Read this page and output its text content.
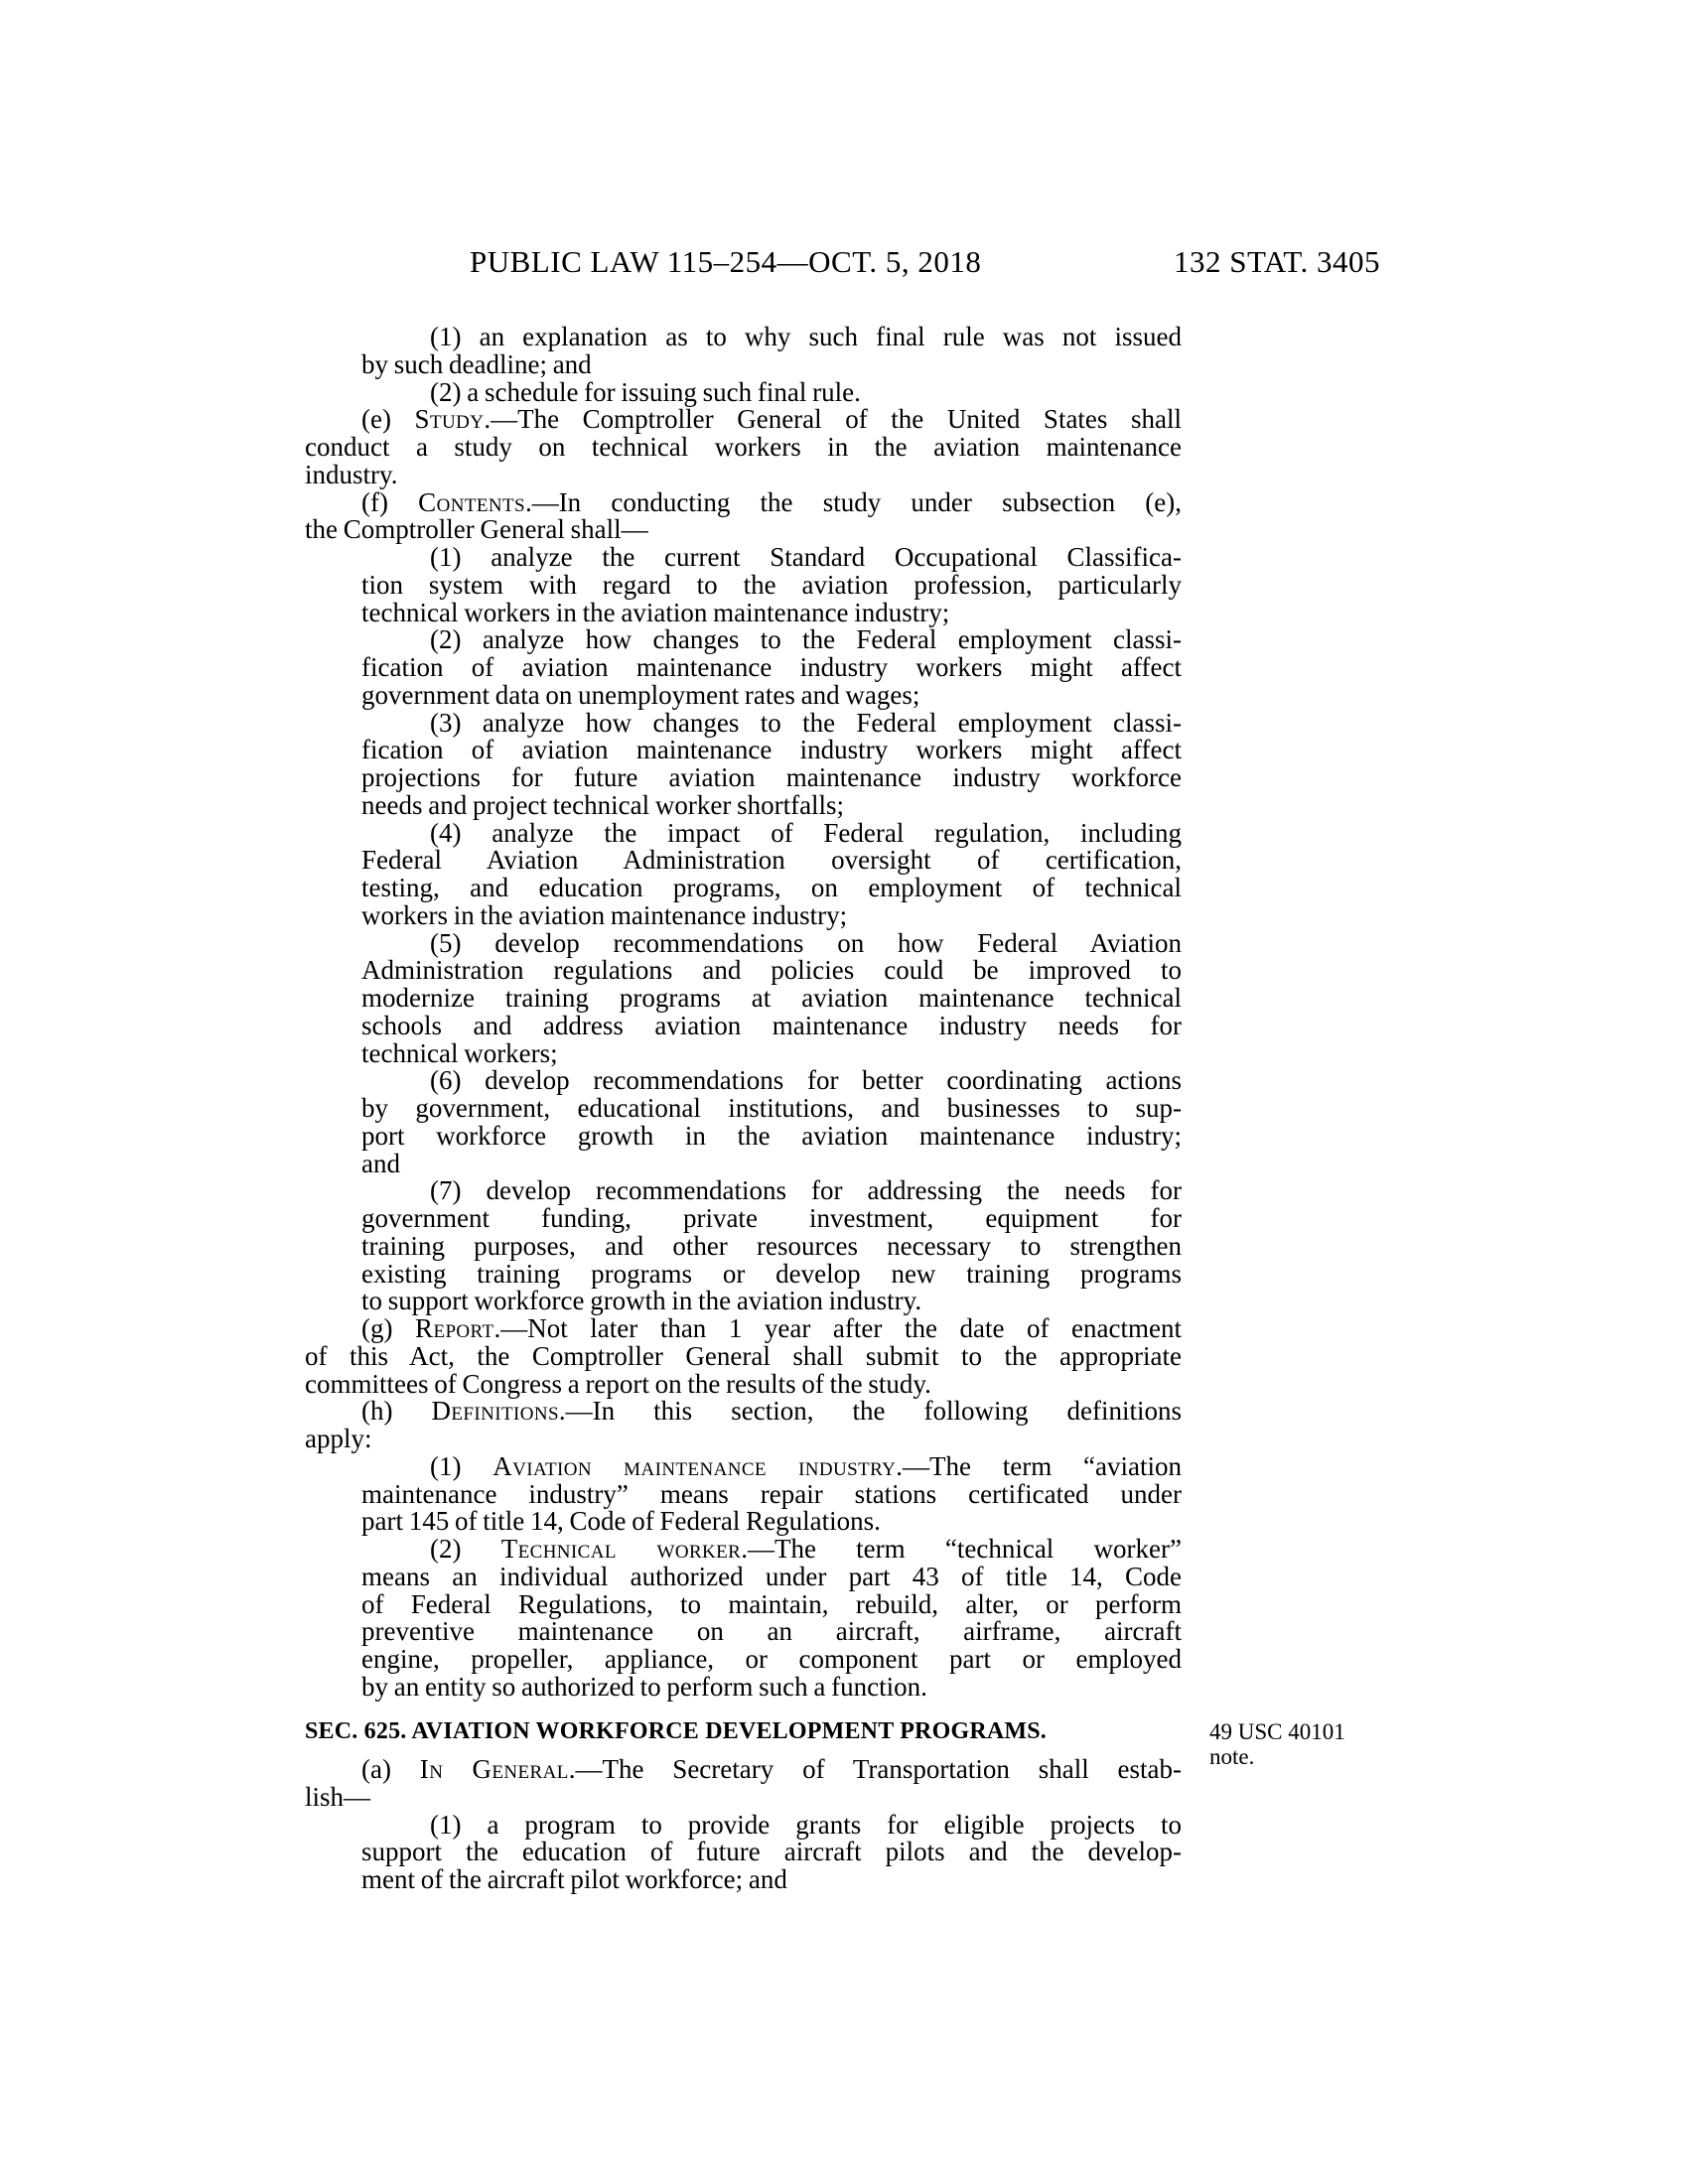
PUBLIC LAW 115–254—OCT. 5, 2018	132 STAT. 3405
(1) an explanation as to why such final rule was not issued
by such deadline; and
(2) a schedule for issuing such final rule.
(e) Study.—The Comptroller General of the United States shall
conduct a study on technical workers in the aviation maintenance
industry.
(f) Contents.—In conducting the study under subsection (e),
the Comptroller General shall—
(1) analyze the current Standard Occupational Classifica-
tion system with regard to the aviation profession, particularly
technical workers in the aviation maintenance industry;
(2) analyze how changes to the Federal employment classi-
fication of aviation maintenance industry workers might affect
government data on unemployment rates and wages;
(3) analyze how changes to the Federal employment classi-
fication of aviation maintenance industry workers might affect
projections for future aviation maintenance industry workforce
needs and project technical worker shortfalls;
(4) analyze the impact of Federal regulation, including
Federal Aviation Administration oversight of certification,
testing, and education programs, on employment of technical
workers in the aviation maintenance industry;
(5) develop recommendations on how Federal Aviation
Administration regulations and policies could be improved to
modernize training programs at aviation maintenance technical
schools and address aviation maintenance industry needs for
technical workers;
(6) develop recommendations for better coordinating actions
by government, educational institutions, and businesses to sup-
port workforce growth in the aviation maintenance industry;
and
(7) develop recommendations for addressing the needs for
government funding, private investment, equipment for
training purposes, and other resources necessary to strengthen
existing training programs or develop new training programs
to support workforce growth in the aviation industry.
(g) Report.—Not later than 1 year after the date of enactment
of this Act, the Comptroller General shall submit to the appropriate
committees of Congress a report on the results of the study.
(h) Definitions.—In this section, the following definitions
apply:
(1) Aviation maintenance industry.—The term “aviation
maintenance industry” means repair stations certificated under
part 145 of title 14, Code of Federal Regulations.
(2) Technical worker.—The term “technical worker”
means an individual authorized under part 43 of title 14, Code
of Federal Regulations, to maintain, rebuild, alter, or perform
preventive maintenance on an aircraft, airframe, aircraft
engine, propeller, appliance, or component part or employed
by an entity so authorized to perform such a function.
SEC. 625. AVIATION WORKFORCE DEVELOPMENT PROGRAMS.	49 USC 40101
note.
(a) In General.—The Secretary of Transportation shall estab-
lish—
(1) a program to provide grants for eligible projects to
support the education of future aircraft pilots and the develop-
ment of the aircraft pilot workforce; and
